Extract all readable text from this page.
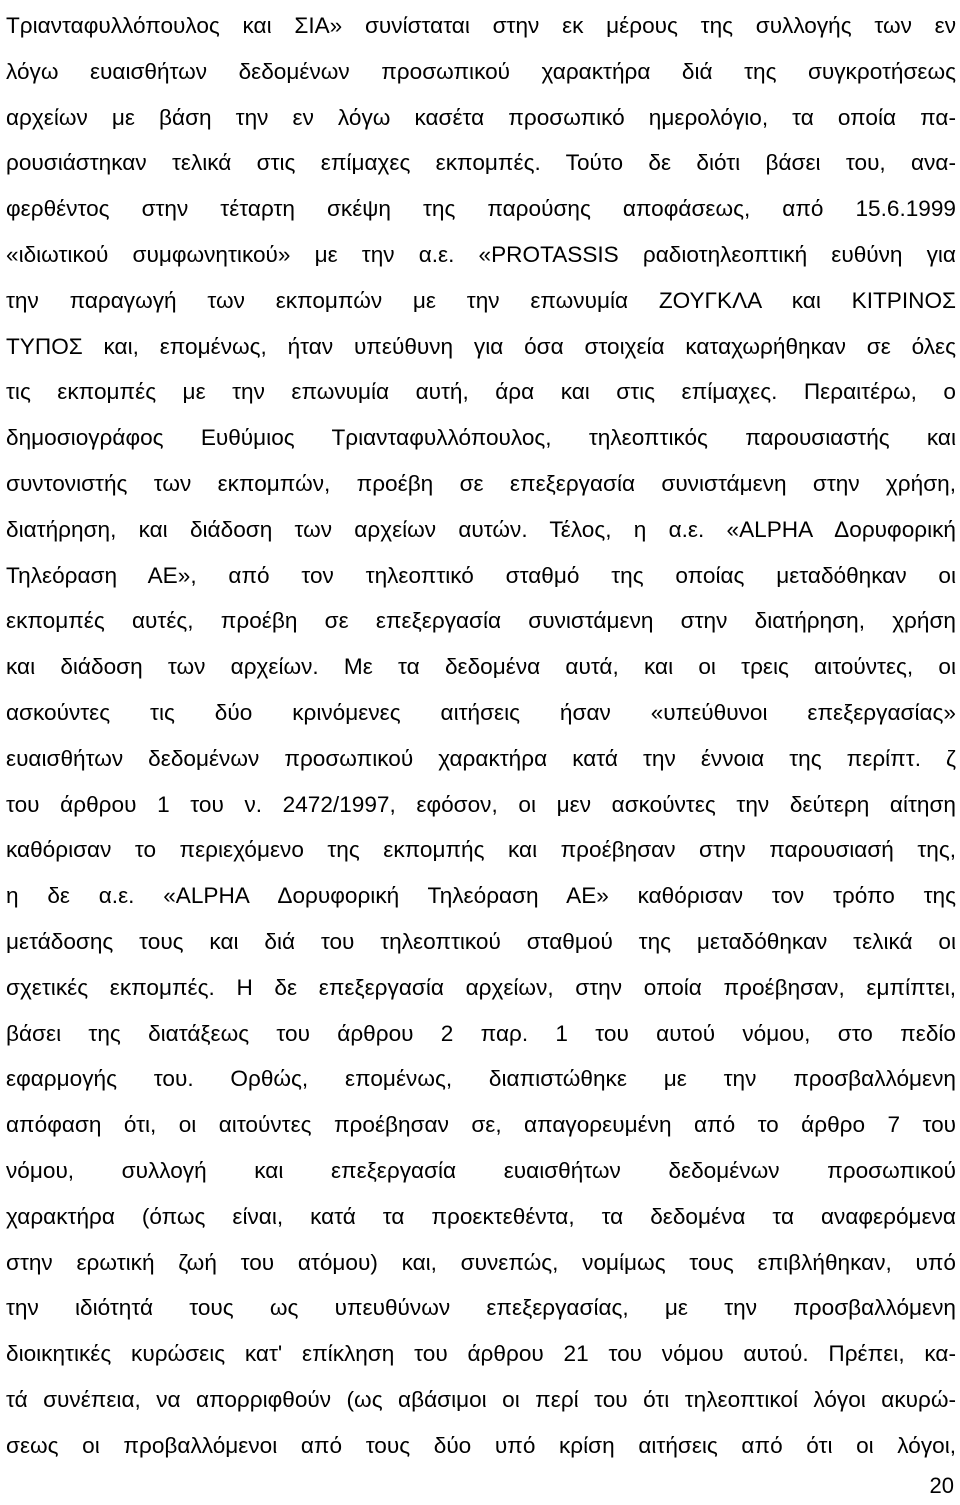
Τριανταφυλλόπουλος και ΣΙΑ» συνίσταται στην εκ μέρους της συλλογής των εν
λόγω ευαισθήτων δεδομένων προσωπικού χαρακτήρα διά της συγκροτήσεως
αρχείων με βάση την εν λόγω κασέτα προσωπικό ημερολόγιο, τα οποία πα-
ρουσιάστηκαν τελικά στις επίμαχες εκπομπές. Τούτο δε διότι βάσει του, ανα-
φερθέντος στην τέταρτη σκέψη της παρούσης αποφάσεως, από 15.6.1999
«ιδιωτικού συμφωνητικού» με την α.ε. «PROTASSIS ραδιοτηλεοπτική ευθύνη για
την παραγωγή των εκπομπών με την επωνυμία ΖΟΥΓΚΛΑ και ΚΙΤΡΙΝΟΣ
ΤΥΠΟΣ και, επομένως, ήταν υπεύθυνη για όσα στοιχεία καταχωρήθηκαν σε όλες
τις εκπομπές με την επωνυμία αυτή, άρα και στις επίμαχες. Περαιτέρω, ο
δημοσιογράφος Ευθύμιος Τριανταφυλλόπουλος, τηλεοπτικός παρουσιαστής και
συντονιστής των εκπομπών, προέβη σε επεξεργασία συνιστάμενη στην χρήση,
διατήρηση, και διάδοση των αρχείων αυτών. Τέλος, η α.ε. «ALPHA Δορυφορική
Τηλεόραση ΑΕ», από τον τηλεοπτικό σταθμό της οποίας μεταδόθηκαν οι
εκπομπές αυτές, προέβη σε επεξεργασία συνιστάμενη στην διατήρηση, χρήση
και διάδοση των αρχείων. Με τα δεδομένα αυτά, και οι τρεις αιτούντες, οι
ασκούντες τις δύο κρινόμενες αιτήσεις ήσαν «υπεύθυνοι επεξεργασίας»
ευαισθήτων δεδομένων προσωπικού χαρακτήρα κατά την έννοια της περίπτ. ζ
του άρθρου 1 του ν. 2472/1997, εφόσον, οι μεν ασκούντες την δεύτερη αίτηση
καθόρισαν το περιεχόμενο της εκπομπής και προέβησαν στην παρουσιασή της,
η δε α.ε. «ALPHA Δορυφορική Τηλεόραση ΑΕ» καθόρισαν τον τρόπο της
μετάδοσης τους και διά του τηλεοπτικού σταθμού της μεταδόθηκαν τελικά οι
σχετικές εκπομπές. Η δε επεξεργασία αρχείων, στην οποία προέβησαν, εμπίπτει,
βάσει της διατάξεως του άρθρου 2 παρ. 1 του αυτού νόμου, στο πεδίο
εφαρμογής του. Ορθώς, επομένως, διαπιστώθηκε με την προσβαλλόμενη
απόφαση ότι, οι αιτούντες προέβησαν σε, απαγορευμένη από το άρθρο 7 του
νόμου, συλλογή και επεξεργασία ευαισθήτων δεδομένων προσωπικού
χαρακτήρα (όπως είναι, κατά τα προεκτεθέντα, τα δεδομένα τα αναφερόμενα
στην ερωτική ζωή του ατόμου) και, συνεπώς, νομίμως τους επιβλήθηκαν, υπό
την ιδιότητά τους ως υπευθύνων επεξεργασίας, με την προσβαλλόμενη
διοικητικές κυρώσεις κατ' επίκληση του άρθρου 21 του νόμου αυτού. Πρέπει, κα-
τά συνέπεια, να απορριφθούν (ως αβάσιμοι οι περί του ότι τηλεοπτικοί λόγοι ακυρώ-
σεως οι προβαλλόμενοι από τους δύο υπό κρίση αιτήσεις από ότι οι λόγοι,
20
